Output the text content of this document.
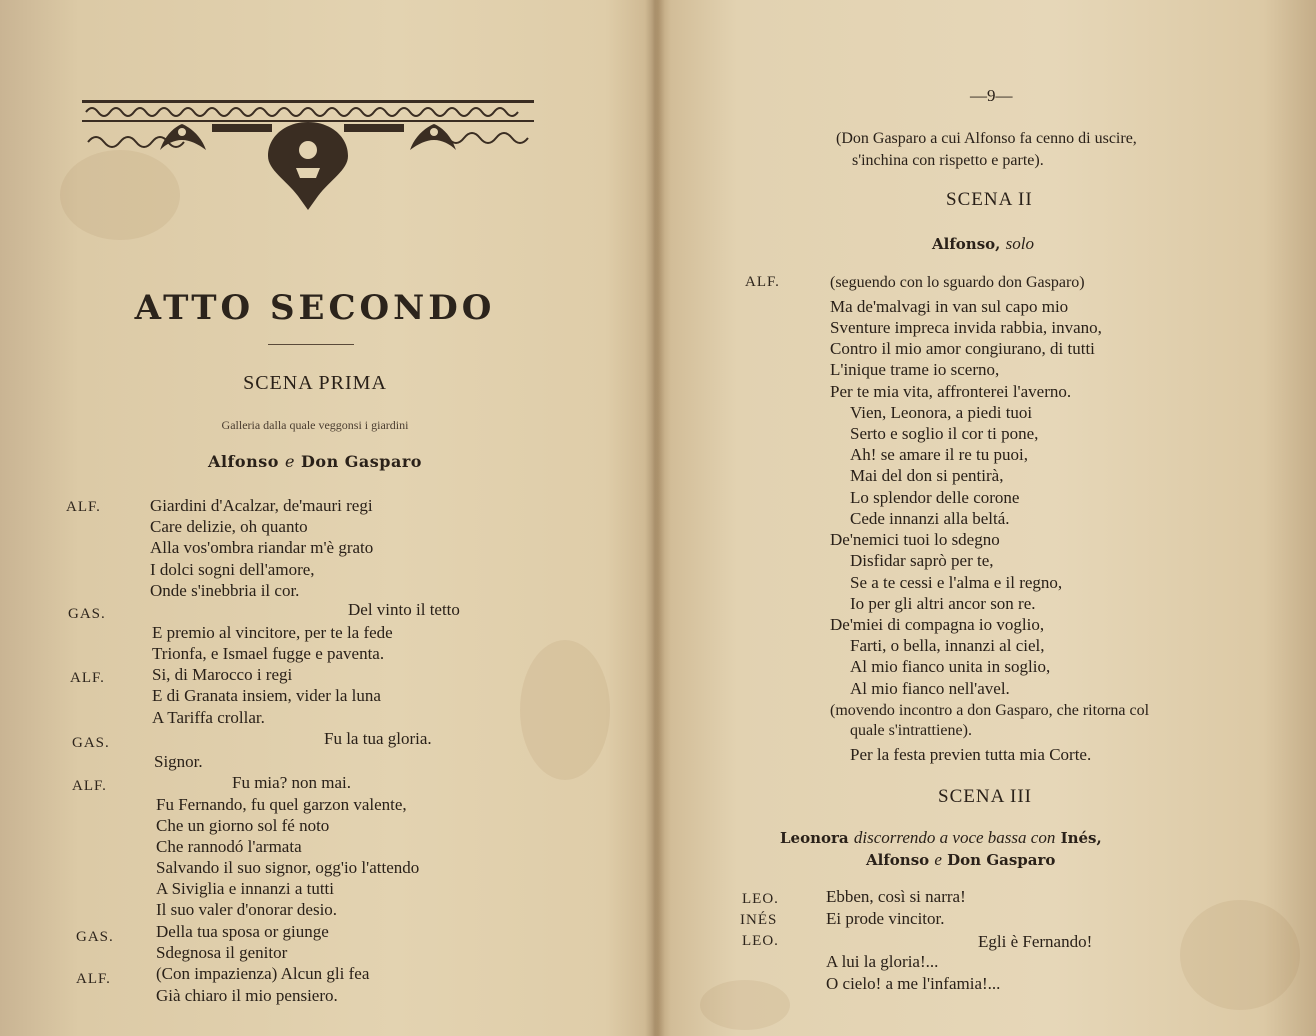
ATTO SECONDO
SCENA PRIMA
Galleria dalla quale veggonsi i giardini
Alfonso e Don Gasparo
ALF.	Giardini d'Acalzar, de'mauri regi
Care delizie, oh quanto
Alla vos'ombra riandar m'è grato
I dolci sogni dell'amore,
Onde s'inebbria il cor.
GAS.	Del vinto il tetto
E premio al vincitore, per te la fede
Trionfa, e Ismael fugge e paventa.
ALF.	Si, di Marocco i regi
E di Granata insiem, vider la luna
A Tariffa crollar.
GAS.	Fu la tua gloria.
Signor.
ALF.	Fu mia? non mai.
Fu Fernando, fu quel garzon valente,
Che un giorno sol fé noto
Che rannodó l'armata
Salvando il suo signor, ogg'io l'attendo
A Siviglia e innanzi a tutti
Il suo valer d'onorar desio.
GAS. Della tua sposa or giunge
Sdegnosa il genitor
ALF.	(Con impazienza) Alcun gli fea
Già chiaro il mio pensiero.
—9—
(Don Gasparo a cui Alfonso fa cenno di uscire,
s'inchina con rispetto e parte).
SCENA II
Alfonso, solo
ALF.	(seguendo con lo sguardo don Gasparo)
Ma de'malvagi in van sul capo mio
Sventure impreca invida rabbia, invano,
Contro il mio amor congiurano, di tutti
L'inique trame io scerno,
Per te mia vita, affronterei l'averno.
Vien, Leonora, a piedi tuoi
Serto e soglio il cor ti pone,
Ah! se amare il re tu puoi,
Mai del don si pentirà,
Lo splendor delle corone
Cede innanzi alla beltá.
De'nemici tuoi lo sdegno
Disfidar saprò per te,
Se a te cessi e l'alma e il regno,
Io per gli altri ancor son re.
De'miei di compagna io voglio,
Farti, o bella, innanzi al ciel,
Al mio fianco unita in soglio,
Al mio fianco nell'avel.
(movendo incontro a don Gasparo, che ritorna col
quale s'intrattiene).
Per la festa previen tutta mia Corte.
SCENA III
Leonora discorrendo a voce bassa con Inés,
Alfonso e Don Gasparo
LEO.	Ebben, così si narra!
INÉS	Ei prode vincitor.
LEO.	Egli è Fernando!
A lui la gloria!...
O cielo! a me l'infamia!...
